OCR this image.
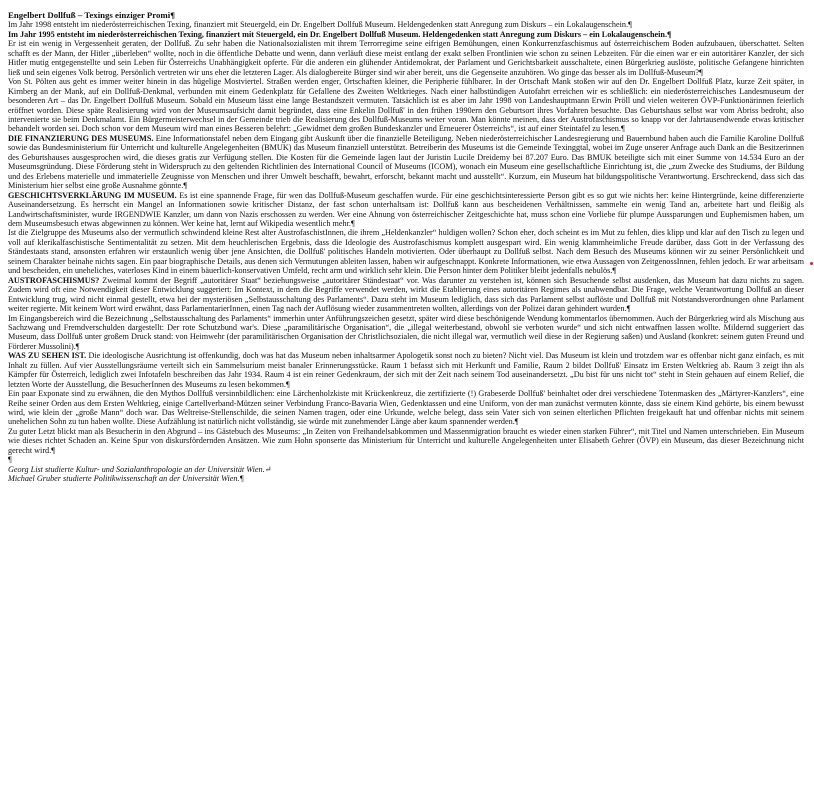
Engelbert Dollfuß – Texings einziger Promi ¶

Im Jahr 1998 entsteht im niederösterreichischen Texing, finanziert mit Steuergeld, ein Dr. Engelbert Dollfuß Museum. Heldengedenken statt Anregung zum Diskurs – ein Lokalaugenschein. ¶

Im Jahr 1995 entsteht im niederösterreichischen Texing, finanziert mit Steuergeld, ein Dr. Engelbert Dollfuß Museum. Heldengedenken statt Anregung zum Diskurs – ein Lokalaugenschein. ¶

Er ist ein wenig in Vergessenheit geraten, der Dollfuß. Zu sehr haben die Nationalsozialisten mit ihrem Terrorregime seine eifrigen Bemühungen, einen Konkurrenzfaschismus auf österreichischem Boden aufzubauen, überschattet. Selten schafft es der Mann, der Hitler „überleben“ wollte, noch in die öffentliche Debatte und wenn, dann verläuft diese meist entlang der exakt selben Frontlinien wie schon zu seinen Lebzeiten. Für die einen war er ein autoritärer Kanzler, der sich Hitler mutig entgegenstellte und sein Leben für Österreichs Unabhängigkeit opferte. Für die anderen ein glühender Antidemokrat, der Parlament und Gerichtsbarkeit ausschaltete, einen Bürgerkrieg auslöste, politische Gefangene hinrichten ließ und sein eigenes Volk betrog. Persönlich vertreten wir uns eher die letzteren Lager. Als dialogbereite Bürger sind wir aber bereit, uns die Gegenseite anzuhören. Wo ginge das besser als im Dollfuß-Museum? ¶

Von St. Pölten aus geht es immer weiter hinein in das hügelige Mostviertel. Straßen werden enger, Ortschaften kleiner, die Peripherie fühlbarer. In der Ortschaft Mank stoßen wir auf den Dr. Engelbert Dollfuß Platz, kurze Zeit später, in Kirnberg an der Mank, auf ein Dollfuß-Denkmal, verbunden mit einem Gedenkplatz für Gefallene des Zweiten Weltkrieges. Nach einer halbstündigen Autofahrt erreichen wir es schließlich: ein niederösterreichisches Landesmuseum der besonderen Art – das Dr. Engelbert Dollfuß Museum. Sobald ein Museum lässt eine lange Bestandszeit vermuten. Tatsächlich ist es aber im Jahr 1998 von Landeshauptmann Erwin Pröll und vielen weiteren ÖVP-Funktionärinnen feierlich eröffnet worden. Diese späte Realisierung wird von der Museumsaufsicht damit begründet, dass eine Enkelin Dollfuß' in den frühen 1990ern den Geburtsort ihres Vorfahren besuchte. Das Geburtshaus selbst war vom Abriss bedroht, also intervenierte sie beim Denkmalamt. Ein Bürgermeisterwechsel in der Gemeinde trieb die Realisierung des Dollfuß-Museums weiter voran. Man könnte meinen, dass der Austrofaschismus so knapp vor der Jahrtausendwende etwas kritischer behandelt worden sei. Doch schon vor dem Museum wird man eines Besseren belehrt: „Gewidmet dem großen Bundeskanzler und Erneuerer Österreichs“, ist auf einer Steintafel zu lesen. ¶

DIE FINANZIERUNG DES MUSEUMS. Eine Informationstafel neben dem Eingang gibt Auskunft über die finanzielle Beteiligung. Neben niederösterreichischer Landesregierung und Bauernbund haben auch die Familie Karoline Dollfuß sowie das Bundesministerium für Unterricht und kulturelle Angelegenheiten (BMUK) das Museum finanziell unterstützt. Betreiberin des Museums ist die Gemeinde Texinggtal, wobei im Zuge unserer Anfrage auch Dank an die Besitzerinnen des Geburtshauses ausgesprochen wird, die dieses gratis zur Verfügung stellen. Die Kosten für die Gemeinde lagen laut der Juristin Lucile Dreidemy bei 87.207 Euro. Das BMUK beteiligte sich mit einer Summe von 14.534 Euro an der Museumsgründung. Diese Förderung steht in Widerspruch zu den geltenden Richtlinien des International Council of Museums (ICOM), wonach ein Museum eine gesellschaftliche Einrichtung ist, die „zum Zwecke des Studiums, der Bildung und des Erlebens materielle und immaterielle Zeugnisse von Menschen und ihrer Umwelt beschafft, bewahrt, erforscht, bekannt macht und ausstellt“. Kurzum, ein Museum hat bildungspolitische Verantwortung. Erschreckend, dass sich das Ministerium hier selbst eine große Ausnahme gönnte. ¶

GESCHICHTSVERKLÄRUNG IM MUSEUM. Es ist eine spannende Frage, für wen das Dollfuß-Museum geschaffen wurde. Für eine geschichtsinteressierte Person gibt es so gut wie nichts her: keine Hintergründe, keine differenzierte Auseinandersetzung. Es herrscht ein Mangel an Informationen sowie kritischer Distanz, der fast schon unterhaltsam ist: Dollfuß kann aus bescheidenen Verhältnissen, sammelte ein wenig Tand an, arbeitete hart und fleißig als Landwirtschaftsminister, wurde IRGENDWIE Kanzler, um dann von Nazis erschossen zu werden. Wer eine Ahnung von österreichischer Zeitgeschichte hat, muss schon eine Vorliebe für plumpe Aussparungen und Euphemismen haben, um dem Museumsbesuch etwas abgewinnen zu können. Wer keine hat, lernt auf Wikipedia wesentlich mehr. ¶

Ist die Zielgruppe des Museums also der vermutlich schwindend kleine Rest alter AustrofaschistInnen, die ihrem „Heldenkanzler“ huldigen wollen? Schon eher, doch scheint es im Mut zu fehlen, dies klipp und klar auf den Tisch zu legen und voll auf klerikalfaschistische Sentimentalität zu setzen. Mit dem heuchlerischen Ergebnis, dass die Ideologie des Austrofaschismus komplett ausgespart wird. Ein wenig klammheimliche Freude darüber, dass Gott in der Verfassung des Ständestaats stand, ansonsten erfahren wir erstaunlich wenig über jene Ansichten, die Dollfuß' politisches Handeln motivierten. Oder überhaupt zu Dollfuß selbst. Nach dem Besuch des Museums können wir zu seiner Persönlichkeit und seinem Charakter beinahe nichts sagen. Ein paar biographische Details, aus denen sich Vermutungen ableiten lassen, haben wir aufgeschnappt. Konkrete Informationen, wie etwa Aussagen von ZeitgenossInnen, fehlen jedoch. Er war arbeitsam und bescheiden, ein uneheliches, vaterloses Kind in einem bäuerlich-konservativen Umfeld, recht arm und wirklich sehr klein. Die Person hinter dem Politiker bleibt jedenfalls nebulös. ¶

AUSTROFASCHISMUS? Zweimal kommt der Begriff „autoritärer Staat“ beziehungsweise „autoritärer Ständestaat“ vor. Was darunter zu verstehen ist, können sich Besuchende selbst ausdenken, das Museum hat dazu nichts zu sagen. Zudem wird oft eine Notwendigkeit dieser Entwicklung suggeriert: Im Kontext, in dem die Begriffe verwendet werden, wirkt die Etablierung eines autoritären Regimes als unabwendbar. Die Frage, welche Verantwortung Dollfuß an dieser Entwicklung trug, wird nicht einmal gestellt, etwa bei der mysteriösen „Selbstausschaltung des Parlaments“. Dazu steht im Museum lediglich, dass sich das Parlament selbst auflöste und Dollfuß mit Notstandsverordnungen ohne Parlament weiter regierte. Mit keinem Wort wird erwähnt, dass ParlamentarierInnen, einen Tag nach der Auflösung wieder zusammentreten wollten, allerdings von der Polizei daran gehindert wurden. ¶

Im Eingangsbereich wird die Bezeichnung „Selbstausschaltung des Parlaments“ immerhin unter Anführungszeichen gesetzt, später wird diese beschönigende Wendung kommentarlos übernommen. Auch der Bürgerkrieg wird als Mischung aus Sachzwang und Fremdverschulden dargestellt: Der rote Schutzbund war's. Diese „paramilitärische Organisation“, die „illegal weiterbestand, obwohl sie verboten wurde“ und sich nicht entwaffnen lassen wollte. Mildernd suggeriert das Museum, dass Dollfuß unter großem Druck stand: von Heimwehr (der paramilitärischen Organisation der Christlichsozialen, die nicht illegal war, vermutlich weil diese in der Regierung saßen) und Ausland (konkret: seinem guten Freund und Förderer Mussolini). ¶

WAS ZU SEHEN IST. Die ideologische Ausrichtung ist offenkundig, doch was hat das Museum neben inhaltsarmer Apologetik sonst noch zu bieten? Nicht viel. Das Museum ist klein und trotzdem war es offenbar nicht ganz einfach, es mit Inhalt zu füllen. Auf vier Ausstellungsräume verteilt sich ein Sammelsurium meist banaler Erinnerungsstücke. Raum 1 befasst sich mit Herkunft und Familie, Raum 2 bildet Dollfuß' Einsatz im Ersten Weltkrieg ab. Raum 3 zeigt ihn als Kämpfer für Österreich, lediglich zwei Infotafeln beschreiben das Jahr 1934. Raum 4 ist ein reiner Gedenkraum, der sich mit der Zeit nach seinem Tod auseinandersetzt. „Du bist für uns nicht tot“ steht in Stein gehauen auf einem Relief, die letzten Worte der Ausstellung, die BesucherInnen des Museums zu lesen bekommen. ¶

Ein paar Exponate sind zu erwähnen, die den Mythos Dollfuß versinnbildlichen: eine Lärchenholzkiste mit Krückenkreuz, die zertifizierte (!) Grabeserde Dollfuß' beinhaltet oder drei verschiedene Totenmasken des „Märtyrer-Kanzlers“, eine Reihe seiner Orden aus dem Ersten Weltkrieg, einige Cartellverband-Mützen seiner Verbindung Franco-Bavaria Wien, Gedenktassen und eine Uniform, von der man zunächst vermuten könnte, dass sie einem Kind gehörte, bis einem bewusst wird, wie klein der „große Mann“ doch war. Das Weltreise-Stellenschilde, die seinen Namen tragen, oder eine Urkunde, welche belegt, dass sein Vater sich von seinen elterlichen Pflichten freigekauft hat und offenbar nichts mit seinem unehelichen Sohn zu tun haben wollte. Diese Aufzählung ist natürlich nicht vollständig, sie würde mit zunehmender Länge aber kaum spannender werden. ¶

Zu guter Letzt blickt man als Besucherin in den Abgrund – ins Gästebuch des Museums: „In Zeiten von Freihandelsabkommen und Massenmigration braucht es wieder einen starken Führer“, mit Titel und Namen unterschrieben. Ein Museum wie dieses richtet Schaden an. Keine Spur von diskursfördernden Ansätzen. Wie zum Hohn sponserte das Ministerium für Unterricht und kulturelle Angelegenheiten unter Elisabeth Gehrer (ÖVP) ein Museum, das dieser Bezeichnung nicht gerecht wird. ¶

¶

Georg List studierte Kultur- und Sozialanthropologie an der Universität Wien.↵

Michael Gruber studierte Politikwissenschaft an der Universität Wien. ¶
